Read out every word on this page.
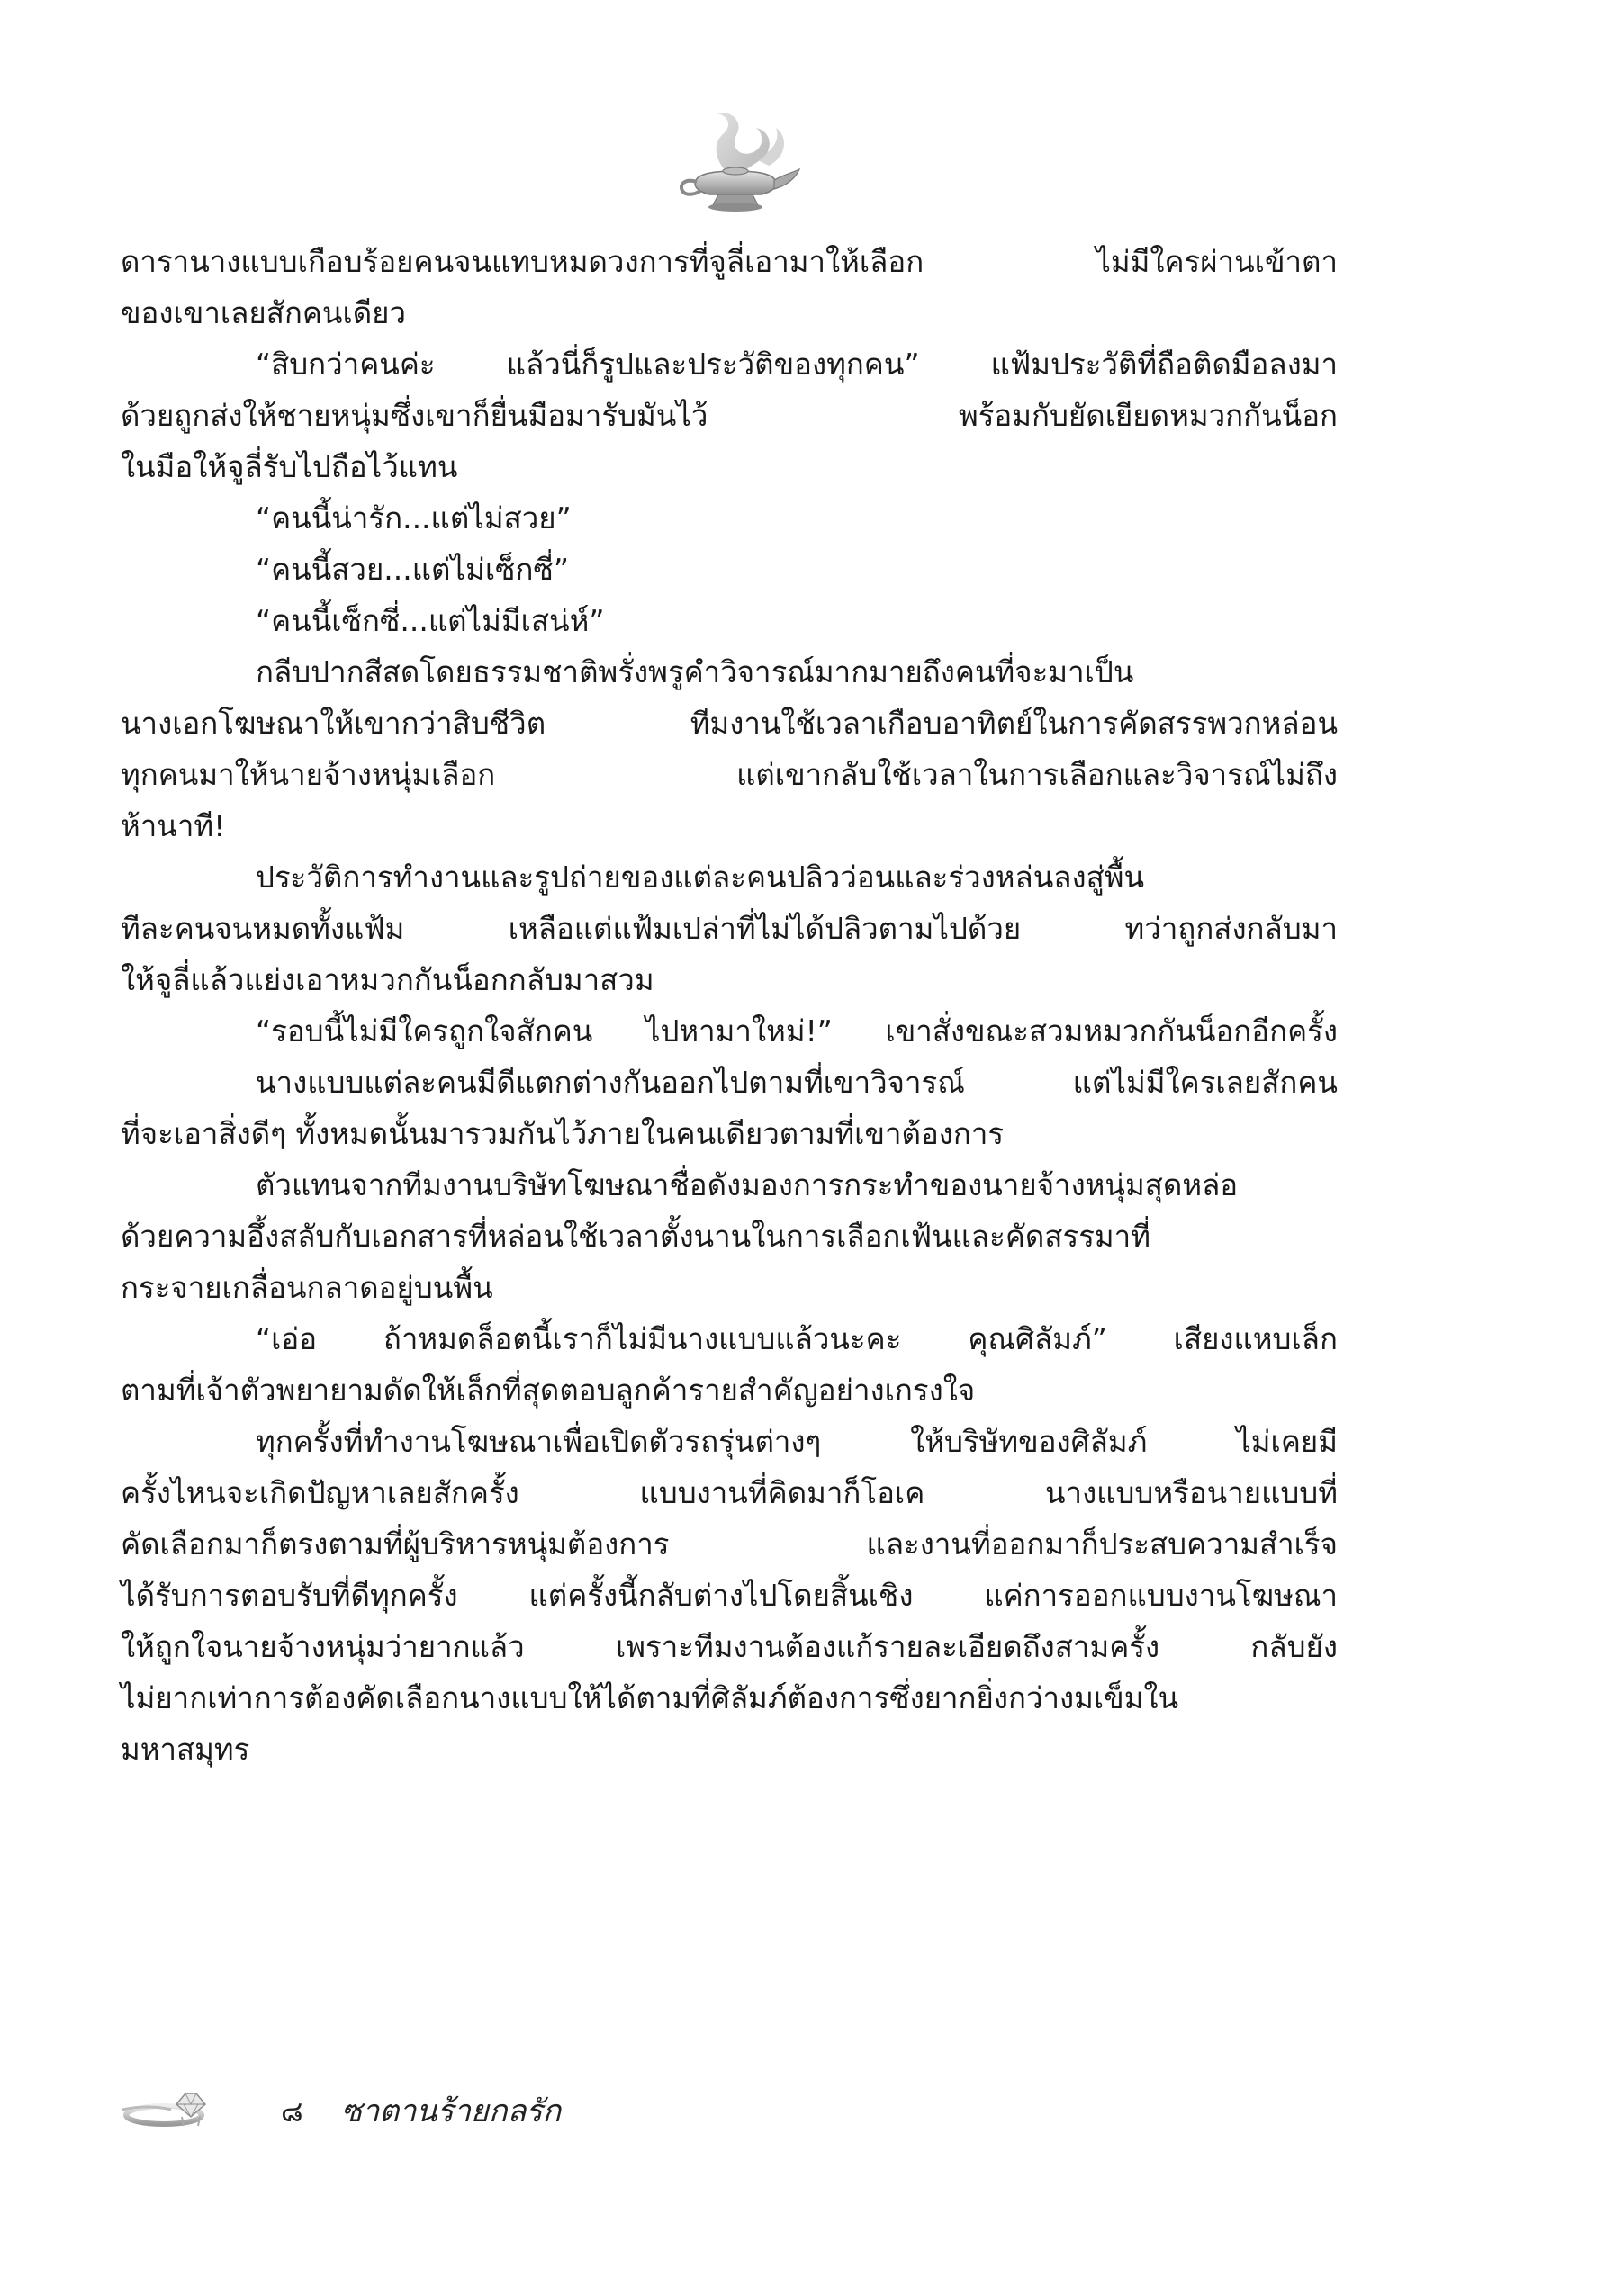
ดารานางแบบเกือบร้อยคนจนแทบหมดวงการที่จูลี่เอามาให้เลือก ไม่มีใครผ่านเข้าตา
ของเขาเลยสักคนเดียว
“สิบกว่าคนค่ะ แล้วนี่ก็รูปและประวัติของทุกคน” แฟ้มประวัติที่ถือติดมือลงมา
ด้วยถูกส่งให้ชายหนุ่มซึ่งเขาก็ยื่นมือมารับมันไว้ พร้อมกับยัดเยียดหมวกกันน็อก
ในมือให้จูลี่รับไปถือไว้แทน
“คนนี้น่ารัก...แต่ไม่สวย”
“คนนี้สวย...แต่ไม่เซ็กซี่”
“คนนี้เซ็กซี่...แต่ไม่มีเสน่ห์”
กลีบปากสีสดโดยธรรมชาติพรั่งพรูคำวิจารณ์มากมายถึงคนที่จะมาเป็น
นางเอกโฆษณาให้เขากว่าสิบชีวิต ทีมงานใช้เวลาเกือบอาทิตย์ในการคัดสรรพวกหล่อน
ทุกคนมาให้นายจ้างหนุ่มเลือก แต่เขากลับใช้เวลาในการเลือกและวิจารณ์ไม่ถึง
ห้านาที!
ประวัติการทำงานและรูปถ่ายของแต่ละคนปลิวว่อนและร่วงหล่นลงสู่พื้น
ทีละคนจนหมดทั้งแฟ้ม เหลือแต่แฟ้มเปล่าที่ไม่ได้ปลิวตามไปด้วย ทว่าถูกส่งกลับมา
ให้จูลี่แล้วแย่งเอาหมวกกันน็อกกลับมาสวม
“รอบนี้ไม่มีใครถูกใจสักคน ไปหามาใหม่!” เขาสั่งขณะสวมหมวกกันน็อกอีกครั้ง
นางแบบแต่ละคนมีดีแตกต่างกันออกไปตามที่เขาวิจารณ์ แต่ไม่มีใครเลยสักคน
ที่จะเอาสิ่งดีๆ ทั้งหมดนั้นมารวมกันไว้ภายในคนเดียวตามที่เขาต้องการ
ตัวแทนจากทีมงานบริษัทโฆษณาชื่อดังมองการกระทำของนายจ้างหนุ่มสุดหล่อ
ด้วยความอึ้งสลับกับเอกสารที่หล่อนใช้เวลาตั้งนานในการเลือกเฟ้นและคัดสรรมาที่
กระจายเกลื่อนกลาดอยู่บนพื้น
“เอ่อ ถ้าหมดล็อตนี้เราก็ไม่มีนางแบบแล้วนะคะ คุณศิลัมภ์” เสียงแหบเล็ก
ตามที่เจ้าตัวพยายามดัดให้เล็กที่สุดตอบลูกค้ารายสำคัญอย่างเกรงใจ
ทุกครั้งที่ทำงานโฆษณาเพื่อเปิดตัวรถรุ่นต่างๆ ให้บริษัทของศิลัมภ์ ไม่เคยมี
ครั้งไหนจะเกิดปัญหาเลยสักครั้ง แบบงานที่คิดมาก็โอเค นางแบบหรือนายแบบที่
คัดเลือกมาก็ตรงตามที่ผู้บริหารหนุ่มต้องการ และงานที่ออกมาก็ประสบความสำเร็จ
ได้รับการตอบรับที่ดีทุกครั้ง แต่ครั้งนี้กลับต่างไปโดยสิ้นเชิง แค่การออกแบบงานโฆษณา
ให้ถูกใจนายจ้างหนุ่มว่ายากแล้ว เพราะทีมงานต้องแก้รายละเอียดถึงสามครั้ง กลับยัง
ไม่ยากเท่าการต้องคัดเลือกนางแบบให้ได้ตามที่ศิลัมภ์ต้องการซึ่งยากยิ่งกว่างมเข็มใน
มหาสมุทร
๘ ซาตานร้ายกลรัก
